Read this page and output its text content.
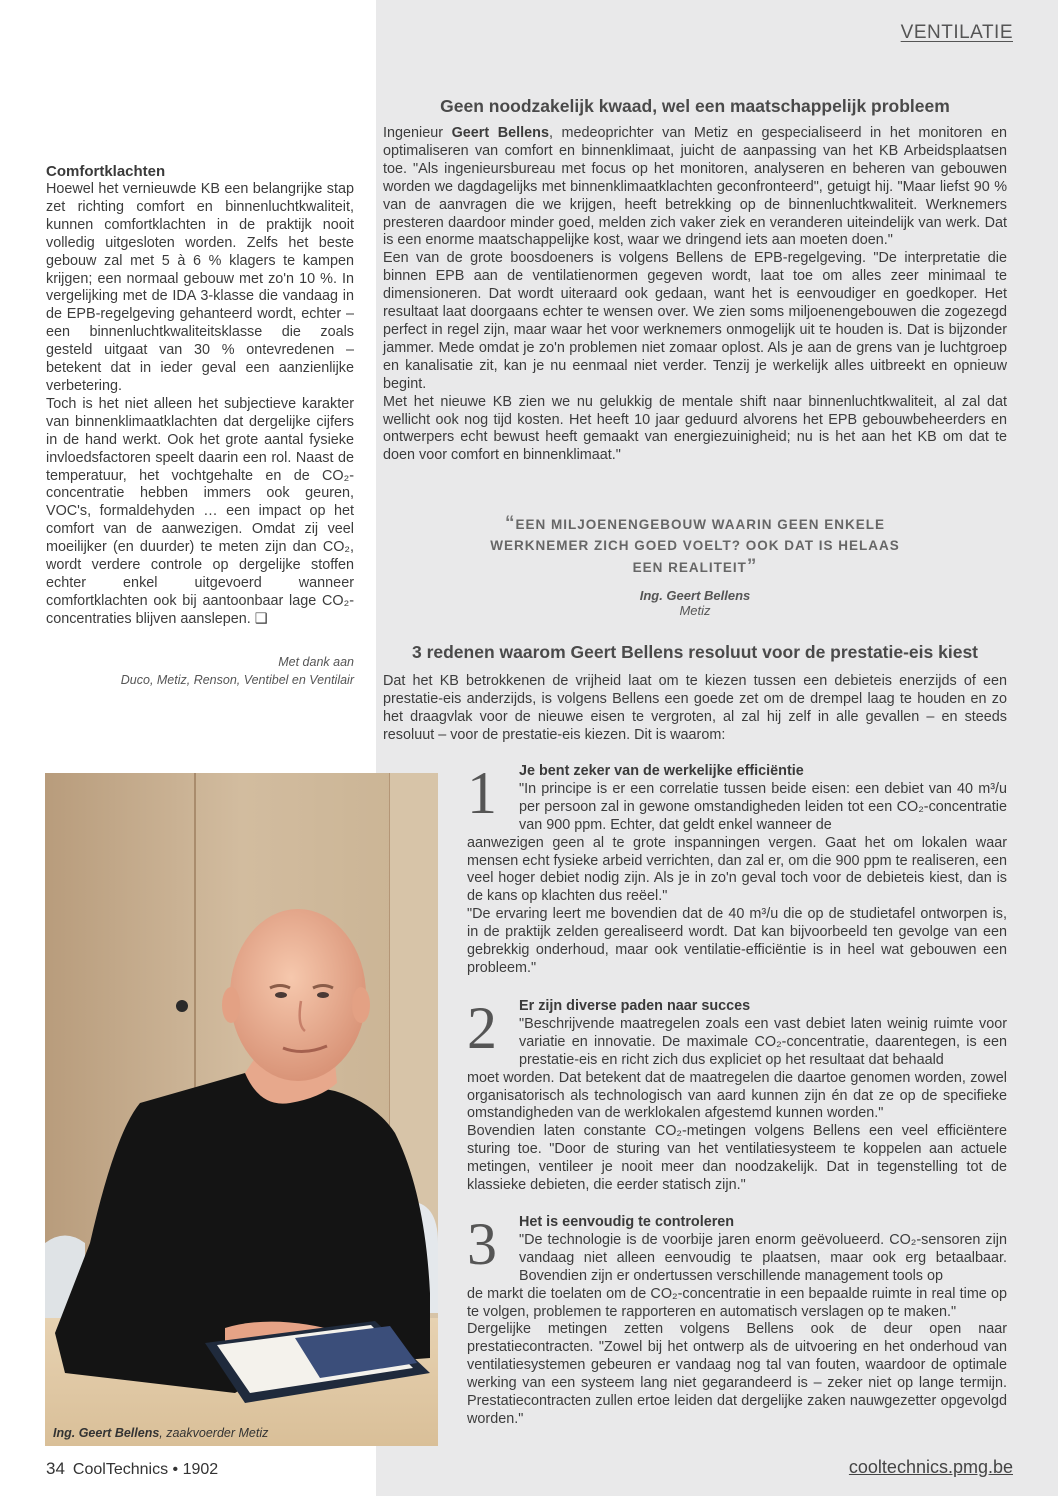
VENTILATIE
Comfortklachten

Hoewel het vernieuwde KB een belangrijke stap zet richting comfort en binnenluchtkwaliteit, kunnen comfortklachten in de praktijk nooit volledig uitgesloten worden. Zelfs het beste gebouw zal met 5 à 6 % klagers te kampen krijgen; een normaal gebouw met zo'n 10 %. In vergelijking met de IDA 3-klasse die vandaag in de EPB-regelgeving gehanteerd wordt, echter – een binnenluchtkwaliteitsklasse die zoals gesteld uitgaat van 30 % ontevredenen – betekent dat in ieder geval een aanzienlijke verbetering.

Toch is het niet alleen het subjectieve karakter van binnenklimaatklachten dat dergelijke cijfers in de hand werkt. Ook het grote aantal fysieke invloedsfactoren speelt daarin een rol. Naast de temperatuur, het vochtgehalte en de CO₂-concentratie hebben immers ook geuren, VOC's, formaldehyden … een impact op het comfort van de aanwezigen. Omdat zij veel moeilijker (en duurder) te meten zijn dan CO₂, wordt verdere controle op dergelijke stoffen echter enkel uitgevoerd wanneer comfortklachten ook bij aantoonbaar lage CO₂-concentraties blijven aanslepen. ❑

Met dank aan
Duco, Metiz, Renson, Ventibel en Ventilair
Ing. Geert Bellens, zaakvoerder Metiz
Geen noodzakelijk kwaad, wel een maatschappelijk probleem

Ingenieur Geert Bellens, medeoprichter van Metiz en gespecialiseerd in het monitoren en optimaliseren van comfort en binnenklimaat, juicht de aanpassing van het KB Arbeidsplaatsen toe. "Als ingenieursbureau met focus op het monitoren, analyseren en beheren van gebouwen worden we dagdagelijks met binnenklimaatklachten geconfronteerd", getuigt hij. "Maar liefst 90 % van de aanvragen die we krijgen, heeft betrekking op de binnenluchtkwaliteit. Werknemers presteren daardoor minder goed, melden zich vaker ziek en veranderen uiteindelijk van werk. Dat is een enorme maatschappelijke kost, waar we dringend iets aan moeten doen."

Een van de grote boosdoeners is volgens Bellens de EPB-regelgeving. "De interpretatie die binnen EPB aan de ventilatienormen gegeven wordt, laat toe om alles zeer minimaal te dimensioneren. Dat wordt uiteraard ook gedaan, want het is eenvoudiger en goedkoper. Het resultaat laat doorgaans echter te wensen over. We zien soms miljoenengebouwen die zogezegd perfect in regel zijn, maar waar het voor werknemers onmogelijk uit te houden is. Dat is bijzonder jammer. Mede omdat je zo'n problemen niet zomaar oplost. Als je aan de grens van je luchtgroep en kanalisatie zit, kan je nu eenmaal niet verder. Tenzij je werkelijk alles uitbreekt en opnieuw begint.

Met het nieuwe KB zien we nu gelukkig de mentale shift naar binnenluchtkwaliteit, al zal dat wellicht ook nog tijd kosten. Het heeft 10 jaar geduurd alvorens het EPB gebouwbeheerders en ontwerpers echt bewust heeft gemaakt van energiezuinigheid; nu is het aan het KB om dat te doen voor comfort en binnenklimaat."

“EEN MILJOENENGEBOUW WAARIN GEEN ENKELE
WERKNEMER ZICH GOED VOELT? OOK DAT IS HELAAS
EEN REALITEIT”
Ing. Geert Bellens
Metiz
3 redenen waarom Geert Bellens resoluut voor de prestatie-eis kiest

Dat het KB betrokkenen de vrijheid laat om te kiezen tussen een debieteis enerzijds of een prestatie-eis anderzijds, is volgens Bellens een goede zet om de drempel laag te houden en zo het draagvlak voor de nieuwe eisen te vergroten, al zal hij zelf in alle gevallen – en steeds resoluut – voor de prestatie-eis kiezen. Dit is waarom:

1 Je bent zeker van de werkelijke efficiëntie

"In principe is er een correlatie tussen beide eisen: een debiet van 40 m³/u per persoon zal in gewone omstandigheden leiden tot een CO₂-concentratie van 900 ppm. Echter, dat geldt enkel wanneer de

aanwezigen geen al te grote inspanningen vergen. Gaat het om lokalen waar mensen echt fysieke arbeid verrichten, dan zal er, om die 900 ppm te realiseren, een veel hoger debiet nodig zijn. Als je in zo'n geval toch voor de debieteis kiest, dan is de kans op klachten dus reëel."

"De ervaring leert me bovendien dat de 40 m³/u die op de studietafel ontworpen is, in de praktijk zelden gerealiseerd wordt. Dat kan bijvoorbeeld ten gevolge van een gebrekkig onderhoud, maar ook ventilatie-efficiëntie is in heel wat gebouwen een probleem."

2 Er zijn diverse paden naar succes

"Beschrijvende maatregelen zoals een vast debiet laten weinig ruimte voor variatie en innovatie. De maximale CO₂-concentratie, daarentegen, is een prestatie-eis en richt zich dus expliciet op het resultaat dat behaald

moet worden. Dat betekent dat de maatregelen die daartoe genomen worden, zowel organisatorisch als technologisch van aard kunnen zijn én dat ze op de specifieke omstandigheden van de werklokalen afgestemd kunnen worden."

Bovendien laten constante CO₂-metingen volgens Bellens een veel efficiëntere sturing toe. "Door de sturing van het ventilatiesysteem te koppelen aan actuele metingen, ventileer je nooit meer dan noodzakelijk. Dat in tegenstelling tot de klassieke debieten, die eerder statisch zijn."

3 Het is eenvoudig te controleren

"De technologie is de voorbije jaren enorm geëvolueerd. CO₂-sensoren zijn vandaag niet alleen eenvoudig te plaatsen, maar ook erg betaalbaar. Bovendien zijn er ondertussen verschillende management tools op

de markt die toelaten om de CO₂-concentratie in een bepaalde ruimte in real time op te volgen, problemen te rapporteren en automatisch verslagen op te maken."

Dergelijke metingen zetten volgens Bellens ook de deur open naar prestatiecontracten. "Zowel bij het ontwerp als de uitvoering en het onderhoud van ventilatiesystemen gebeuren er vandaag nog tal van fouten, waardoor de optimale werking van een systeem lang niet gegarandeerd is – zeker niet op lange termijn. Prestatiecontracten zullen ertoe leiden dat dergelijke zaken nauwgezetter opgevolgd worden."

34 CoolTechnics • 1902	cooltechnics.pmg.be
